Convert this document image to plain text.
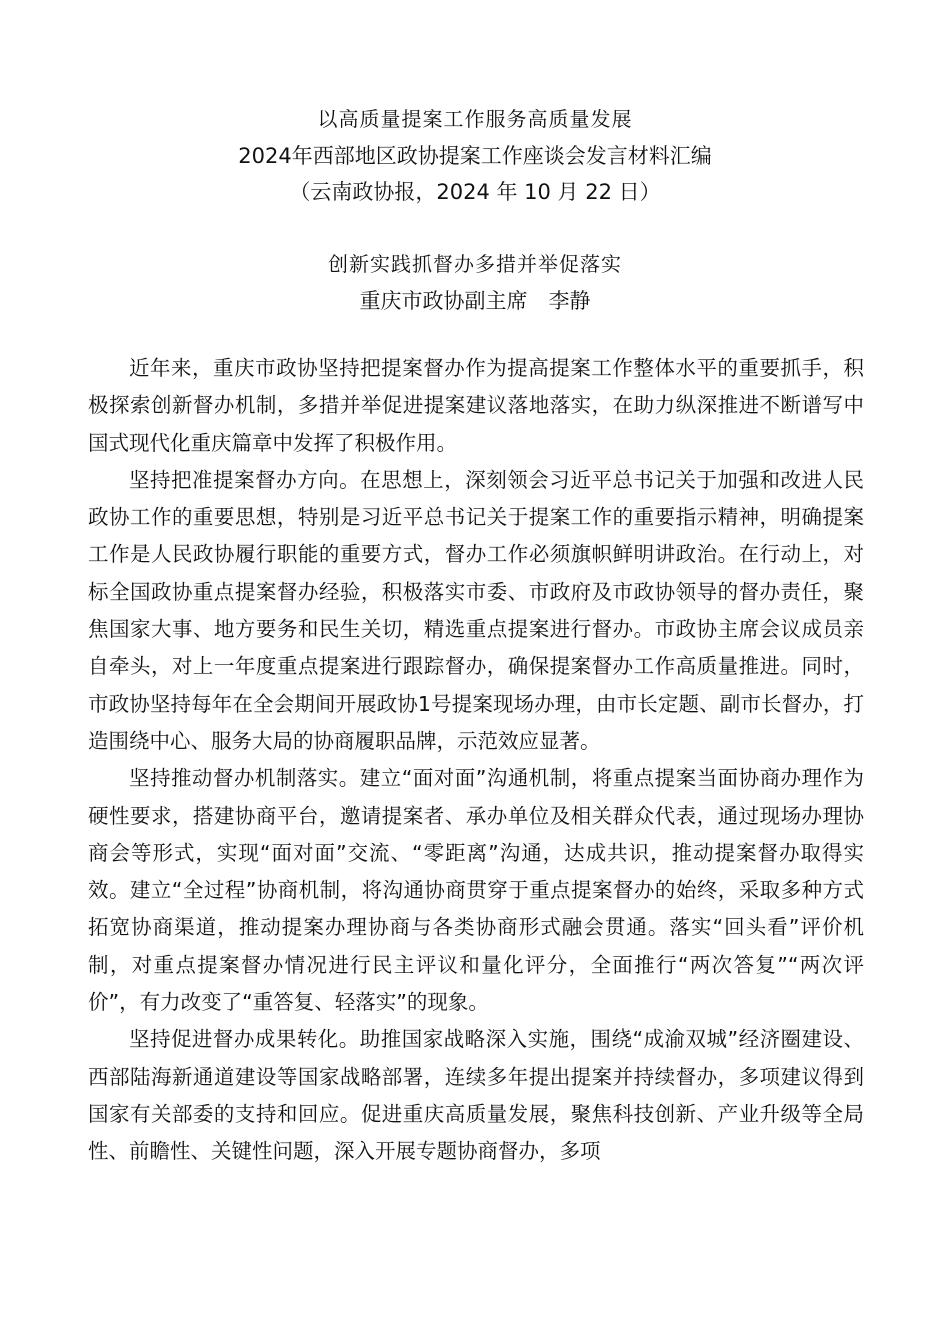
以高质量提案工作服务高质量发展
2024年西部地区政协提案工作座谈会发言材料汇编
（云南政协报，2024 年 10 月 22 日）
创新实践抓督办多措并举促落实
重庆市政协副主席　李静

近年来，重庆市政协坚持把提案督办作为提高提案工作整体水平的重要抓手，积极探索创新督办机制，多措并举促进提案建议落地落实，在助力纵深推进不断谱写中国式现代化重庆篇章中发挥了积极作用。

坚持把准提案督办方向。在思想上，深刻领会习近平总书记关于加强和改进人民政协工作的重要思想，特别是习近平总书记关于提案工作的重要指示精神，明确提案工作是人民政协履行职能的重要方式，督办工作必须旗帜鲜明讲政治。在行动上，对标全国政协重点提案督办经验，积极落实市委、市政府及市政协领导的督办责任，聚焦国家大事、地方要务和民生关切，精选重点提案进行督办。市政协主席会议成员亲自牵头，对上一年度重点提案进行跟踪督办，确保提案督办工作高质量推进。同时，市政协坚持每年在全会期间开展政协1号提案现场办理，由市长定题、副市长督办，打造围绕中心、服务大局的协商履职品牌，示范效应显著。

坚持推动督办机制落实。建立“面对面”沟通机制，将重点提案当面协商办理作为硬性要求，搭建协商平台，邀请提案者、承办单位及相关群众代表，通过现场办理协商会等形式，实现“面对面”交流、“零距离”沟通，达成共识，推动提案督办取得实效。建立“全过程”协商机制，将沟通协商贯穿于重点提案督办的始终，采取多种方式拓宽协商渠道，推动提案办理协商与各类协商形式融会贯通。落实“回头看”评价机制，对重点提案督办情况进行民主评议和量化评分，全面推行“两次答复”“两次评价”，有力改变了“重答复、轻落实”的现象。

坚持促进督办成果转化。助推国家战略深入实施，围绕“成渝双城”经济圈建设、西部陆海新通道建设等国家战略部署，连续多年提出提案并持续督办，多项建议得到国家有关部委的支持和回应。促进重庆高质量发展，聚焦科技创新、产业升级等全局性、前瞻性、关键性问题，深入开展专题协商督办，多项
